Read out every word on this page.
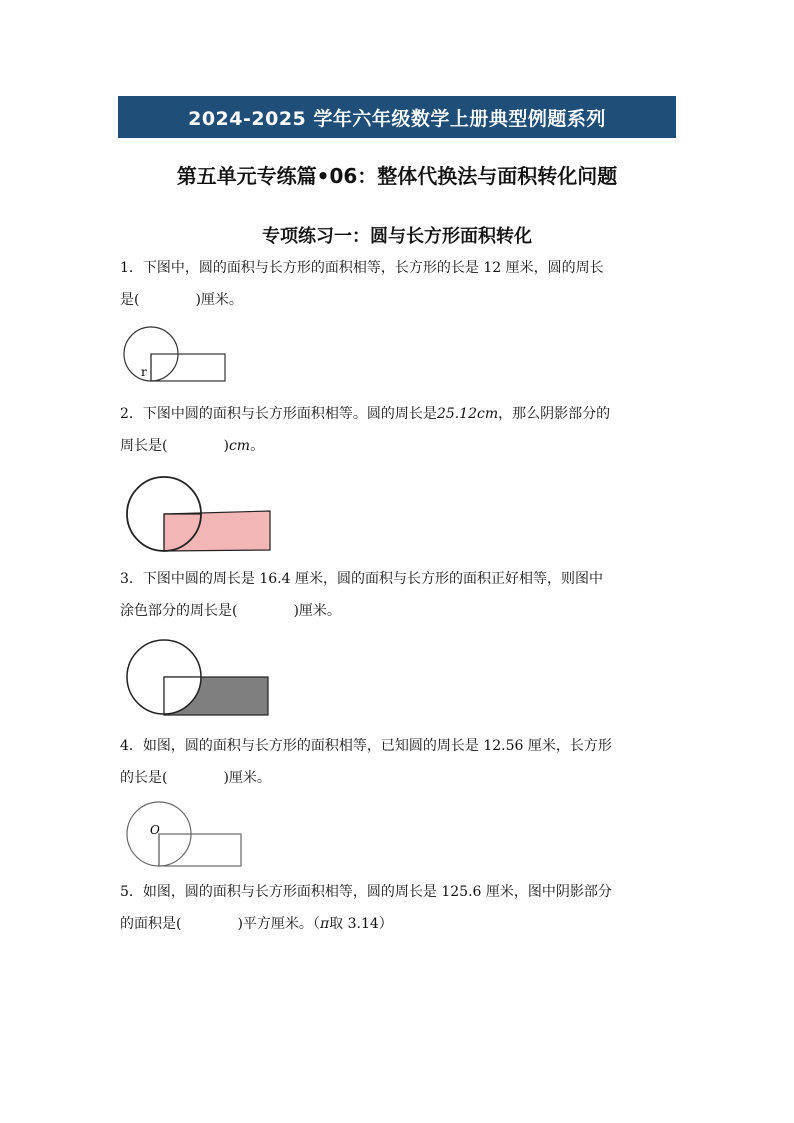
2024-2025 学年六年级数学上册典型例题系列
第五单元专练篇•06：整体代换法与面积转化问题
专项练习一：圆与长方形面积转化
1．下图中，圆的面积与长方形的面积相等，长方形的长是 12 厘米，圆的周长
是(　　　　)厘米。
r
2．下图中圆的面积与长方形面积相等。圆的周长是25.12cm，那么阴影部分的
周长是(　　　　)cm。
3．下图中圆的周长是 16.4 厘米，圆的面积与长方形的面积正好相等，则图中
涂色部分的周长是(　　　　)厘米。
4．如图，圆的面积与长方形的面积相等，已知圆的周长是 12.56 厘米，长方形
的长是(　　　　)厘米。
O
5．如图，圆的面积与长方形面积相等，圆的周长是 125.6 厘米，图中阴影部分
的面积是(　　　　)平方厘米。（π取 3.14）
